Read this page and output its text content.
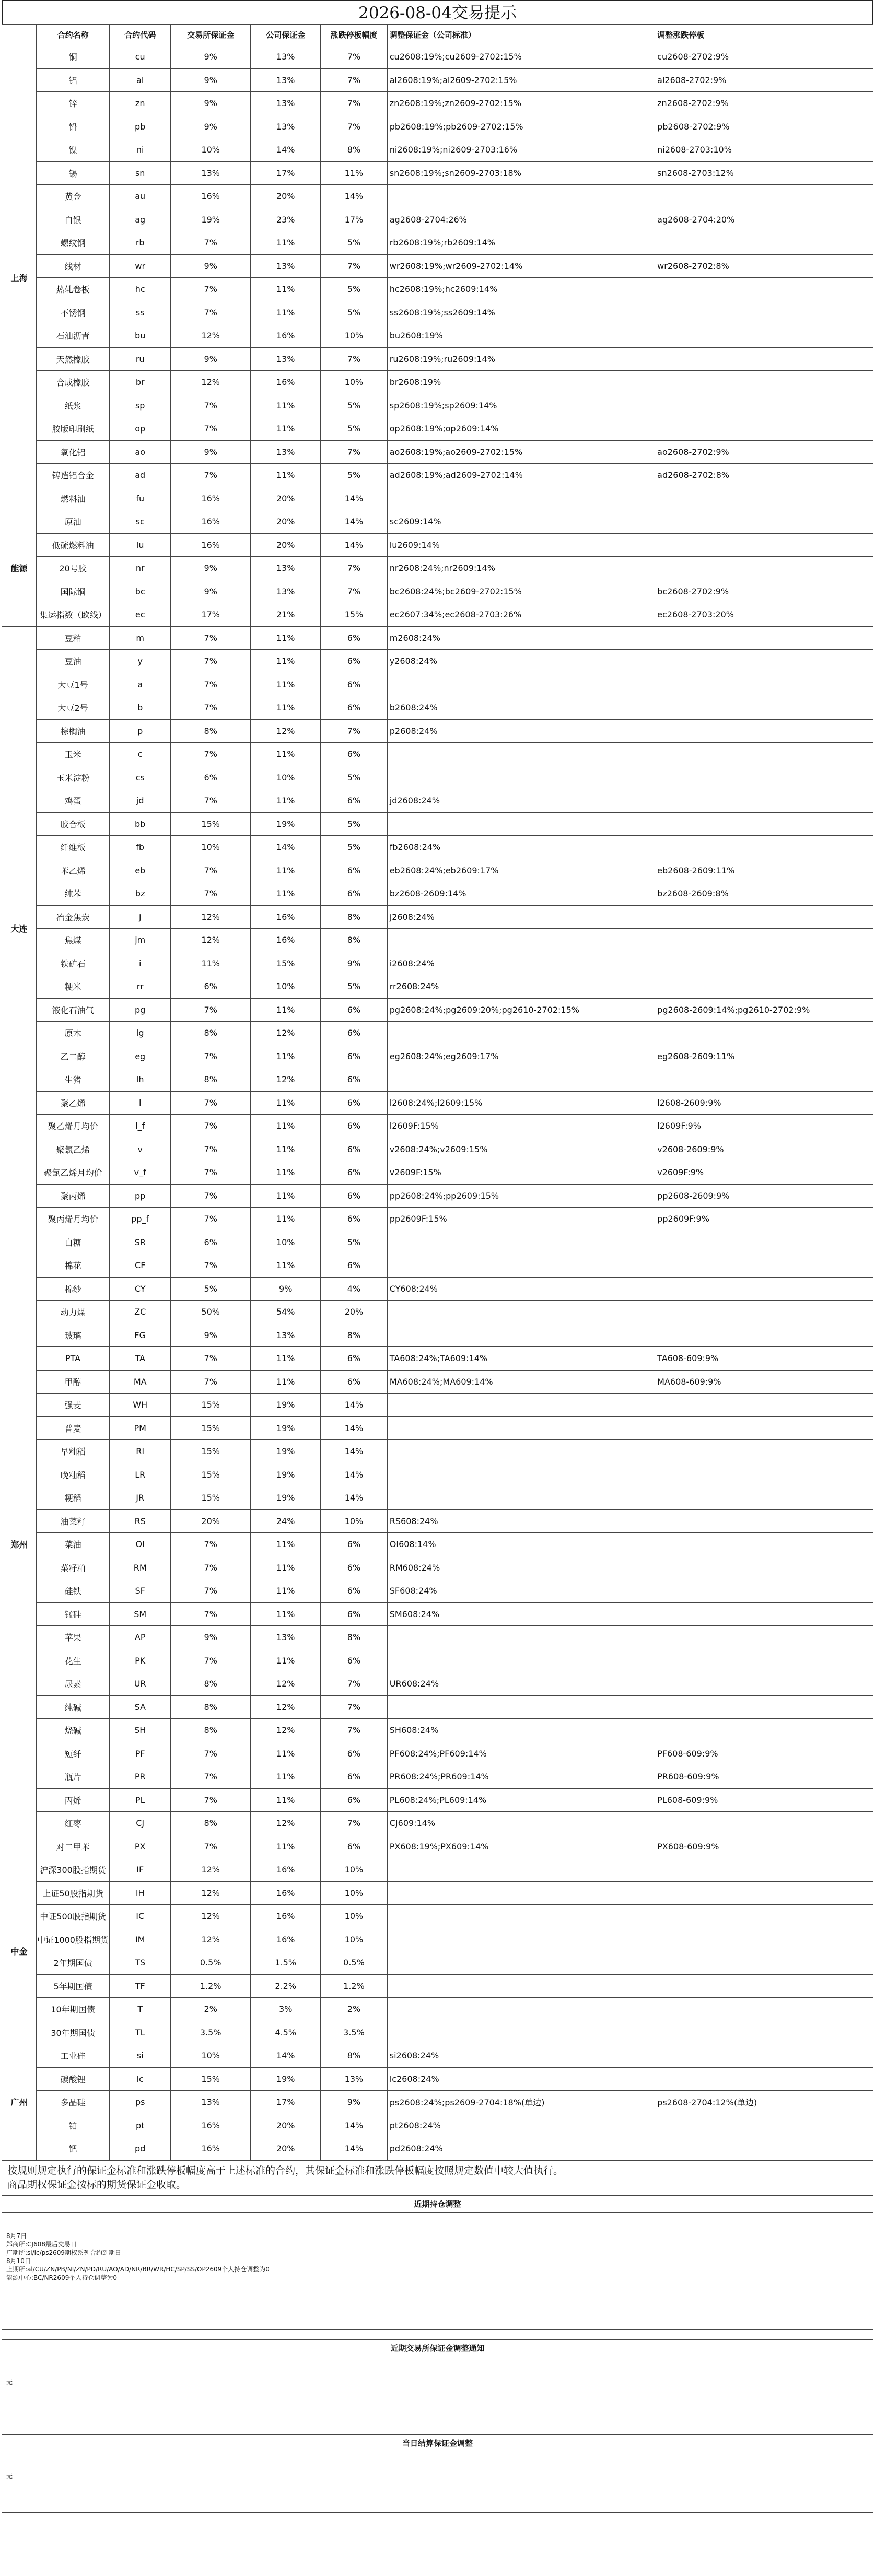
2026-08-04交易提示
	合约名称	合约代码	交易所保证金	公司保证金	涨跌停板幅度	调整保证金（公司标准）	调整涨跌停板
上海	铜	cu	9%	13%	7%	cu2608:19%;cu2609-2702:15%	cu2608-2702:9%
	铝	al	9%	13%	7%	al2608:19%;al2609-2702:15%	al2608-2702:9%
	锌	zn	9%	13%	7%	zn2608:19%;zn2609-2702:15%	zn2608-2702:9%
	铅	pb	9%	13%	7%	pb2608:19%;pb2609-2702:15%	pb2608-2702:9%
	镍	ni	10%	14%	8%	ni2608:19%;ni2609-2703:16%	ni2608-2703:10%
	锡	sn	13%	17%	11%	sn2608:19%;sn2609-2703:18%	sn2608-2703:12%
	黄金	au	16%	20%	14%		
	白银	ag	19%	23%	17%	ag2608-2704:26%	ag2608-2704:20%
	螺纹钢	rb	7%	11%	5%	rb2608:19%;rb2609:14%	
	线材	wr	9%	13%	7%	wr2608:19%;wr2609-2702:14%	wr2608-2702:8%
	热轧卷板	hc	7%	11%	5%	hc2608:19%;hc2609:14%	
	不锈钢	ss	7%	11%	5%	ss2608:19%;ss2609:14%	
	石油沥青	bu	12%	16%	10%	bu2608:19%	
	天然橡胶	ru	9%	13%	7%	ru2608:19%;ru2609:14%	
	合成橡胶	br	12%	16%	10%	br2608:19%	
	纸浆	sp	7%	11%	5%	sp2608:19%;sp2609:14%	
	胶版印刷纸	op	7%	11%	5%	op2608:19%;op2609:14%	
	氧化铝	ao	9%	13%	7%	ao2608:19%;ao2609-2702:15%	ao2608-2702:9%
	铸造铝合金	ad	7%	11%	5%	ad2608:19%;ad2609-2702:14%	ad2608-2702:8%
	燃料油	fu	16%	20%	14%		
能源	原油	sc	16%	20%	14%	sc2609:14%	
	低硫燃料油	lu	16%	20%	14%	lu2609:14%	
	20号胶	nr	9%	13%	7%	nr2608:24%;nr2609:14%	
	国际铜	bc	9%	13%	7%	bc2608:24%;bc2609-2702:15%	bc2608-2702:9%
	集运指数（欧线）	ec	17%	21%	15%	ec2607:34%;ec2608-2703:26%	ec2608-2703:20%
大连	豆粕	m	7%	11%	6%	m2608:24%	
	豆油	y	7%	11%	6%	y2608:24%	
	大豆1号	a	7%	11%	6%		
	大豆2号	b	7%	11%	6%	b2608:24%	
	棕榈油	p	8%	12%	7%	p2608:24%	
	玉米	c	7%	11%	6%		
	玉米淀粉	cs	6%	10%	5%		
	鸡蛋	jd	7%	11%	6%	jd2608:24%	
	胶合板	bb	15%	19%	5%		
	纤维板	fb	10%	14%	5%	fb2608:24%	
	苯乙烯	eb	7%	11%	6%	eb2608:24%;eb2609:17%	eb2608-2609:11%
	纯苯	bz	7%	11%	6%	bz2608-2609:14%	bz2608-2609:8%
	冶金焦炭	j	12%	16%	8%	j2608:24%	
	焦煤	jm	12%	16%	8%		
	铁矿石	i	11%	15%	9%	i2608:24%	
	粳米	rr	6%	10%	5%	rr2608:24%	
	液化石油气	pg	7%	11%	6%	pg2608:24%;pg2609:20%;pg2610-2702:15%	pg2608-2609:14%;pg2610-2702:9%
	原木	lg	8%	12%	6%		
	乙二醇	eg	7%	11%	6%	eg2608:24%;eg2609:17%	eg2608-2609:11%
	生猪	lh	8%	12%	6%		
	聚乙烯	l	7%	11%	6%	l2608:24%;l2609:15%	l2608-2609:9%
	聚乙烯月均价	l_f	7%	11%	6%	l2609F:15%	l2609F:9%
	聚氯乙烯	v	7%	11%	6%	v2608:24%;v2609:15%	v2608-2609:9%
	聚氯乙烯月均价	v_f	7%	11%	6%	v2609F:15%	v2609F:9%
	聚丙烯	pp	7%	11%	6%	pp2608:24%;pp2609:15%	pp2608-2609:9%
	聚丙烯月均价	pp_f	7%	11%	6%	pp2609F:15%	pp2609F:9%
郑州	白糖	SR	6%	10%	5%		
	棉花	CF	7%	11%	6%		
	棉纱	CY	5%	9%	4%	CY608:24%	
	动力煤	ZC	50%	54%	20%		
	玻璃	FG	9%	13%	8%		
	PTA	TA	7%	11%	6%	TA608:24%;TA609:14%	TA608-609:9%
	甲醇	MA	7%	11%	6%	MA608:24%;MA609:14%	MA608-609:9%
	强麦	WH	15%	19%	14%		
	普麦	PM	15%	19%	14%		
	早籼稻	RI	15%	19%	14%		
	晚籼稻	LR	15%	19%	14%		
	粳稻	JR	15%	19%	14%		
	油菜籽	RS	20%	24%	10%	RS608:24%	
	菜油	OI	7%	11%	6%	OI608:14%	
	菜籽粕	RM	7%	11%	6%	RM608:24%	
	硅铁	SF	7%	11%	6%	SF608:24%	
	锰硅	SM	7%	11%	6%	SM608:24%	
	苹果	AP	9%	13%	8%		
	花生	PK	7%	11%	6%		
	尿素	UR	8%	12%	7%	UR608:24%	
	纯碱	SA	8%	12%	7%		
	烧碱	SH	8%	12%	7%	SH608:24%	
	短纤	PF	7%	11%	6%	PF608:24%;PF609:14%	PF608-609:9%
	瓶片	PR	7%	11%	6%	PR608:24%;PR609:14%	PR608-609:9%
	丙烯	PL	7%	11%	6%	PL608:24%;PL609:14%	PL608-609:9%
	红枣	CJ	8%	12%	7%	CJ609:14%	
	对二甲苯	PX	7%	11%	6%	PX608:19%;PX609:14%	PX608-609:9%
中金	沪深300股指期货	IF	12%	16%	10%		
	上证50股指期货	IH	12%	16%	10%		
	中证500股指期货	IC	12%	16%	10%		
	中证1000股指期货	IM	12%	16%	10%		
	2年期国债	TS	0.5%	1.5%	0.5%		
	5年期国债	TF	1.2%	2.2%	1.2%		
	10年期国债	T	2%	3%	2%		
	30年期国债	TL	3.5%	4.5%	3.5%		
广州	工业硅	si	10%	14%	8%	si2608:24%	
	碳酸锂	lc	15%	19%	13%	lc2608:24%	
	多晶硅	ps	13%	17%	9%	ps2608:24%;ps2609-2704:18%(单边)	ps2608-2704:12%(单边)
	铂	pt	16%	20%	14%	pt2608:24%	
	钯	pd	16%	20%	14%	pd2608:24%	
按规则规定执行的保证金标准和涨跌停板幅度高于上述标准的合约，其保证金标准和涨跌停板幅度按照规定数值中较大值执行。
商品期权保证金按标的期货保证金收取。
近期持仓调整
8月7日
郑商所:CJ608最后交易日
广期所:si/lc/ps2609期权系列合约到期日
8月10日
上期所:al/CU/ZN/PB/NI/ZN/PD/RU/AO/AD/NR/BR/WR/HC/SP/SS/OP2609个人持仓调整为0
能源中心:BC/NR2609个人持仓调整为0
近期交易所保证金调整通知
无
当日结算保证金调整
无
